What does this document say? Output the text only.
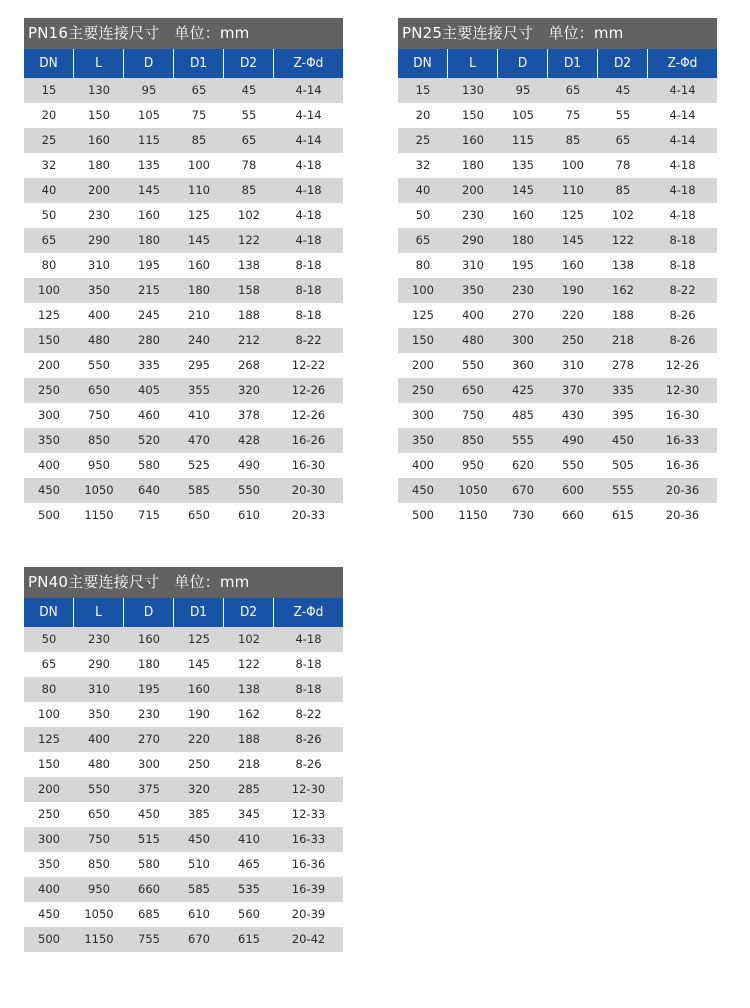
PN16主要连接尺寸   单位：mm
DN	L	D	D1	D2	Z-Φd
15	130	95	65	45	4-14
20	150	105	75	55	4-14
25	160	115	85	65	4-14
32	180	135	100	78	4-18
40	200	145	110	85	4-18
50	230	160	125	102	4-18
65	290	180	145	122	4-18
80	310	195	160	138	8-18
100	350	215	180	158	8-18
125	400	245	210	188	8-18
150	480	280	240	212	8-22
200	550	335	295	268	12-22
250	650	405	355	320	12-26
300	750	460	410	378	12-26
350	850	520	470	428	16-26
400	950	580	525	490	16-30
450	1050	640	585	550	20-30
500	1150	715	650	610	20-33
PN25主要连接尺寸   单位：mm
DN	L	D	D1	D2	Z-Φd
15	130	95	65	45	4-14
20	150	105	75	55	4-14
25	160	115	85	65	4-14
32	180	135	100	78	4-18
40	200	145	110	85	4-18
50	230	160	125	102	4-18
65	290	180	145	122	8-18
80	310	195	160	138	8-18
100	350	230	190	162	8-22
125	400	270	220	188	8-26
150	480	300	250	218	8-26
200	550	360	310	278	12-26
250	650	425	370	335	12-30
300	750	485	430	395	16-30
350	850	555	490	450	16-33
400	950	620	550	505	16-36
450	1050	670	600	555	20-36
500	1150	730	660	615	20-36
PN40主要连接尺寸   单位：mm
DN	L	D	D1	D2	Z-Φd
50	230	160	125	102	4-18
65	290	180	145	122	8-18
80	310	195	160	138	8-18
100	350	230	190	162	8-22
125	400	270	220	188	8-26
150	480	300	250	218	8-26
200	550	375	320	285	12-30
250	650	450	385	345	12-33
300	750	515	450	410	16-33
350	850	580	510	465	16-36
400	950	660	585	535	16-39
450	1050	685	610	560	20-39
500	1150	755	670	615	20-42
